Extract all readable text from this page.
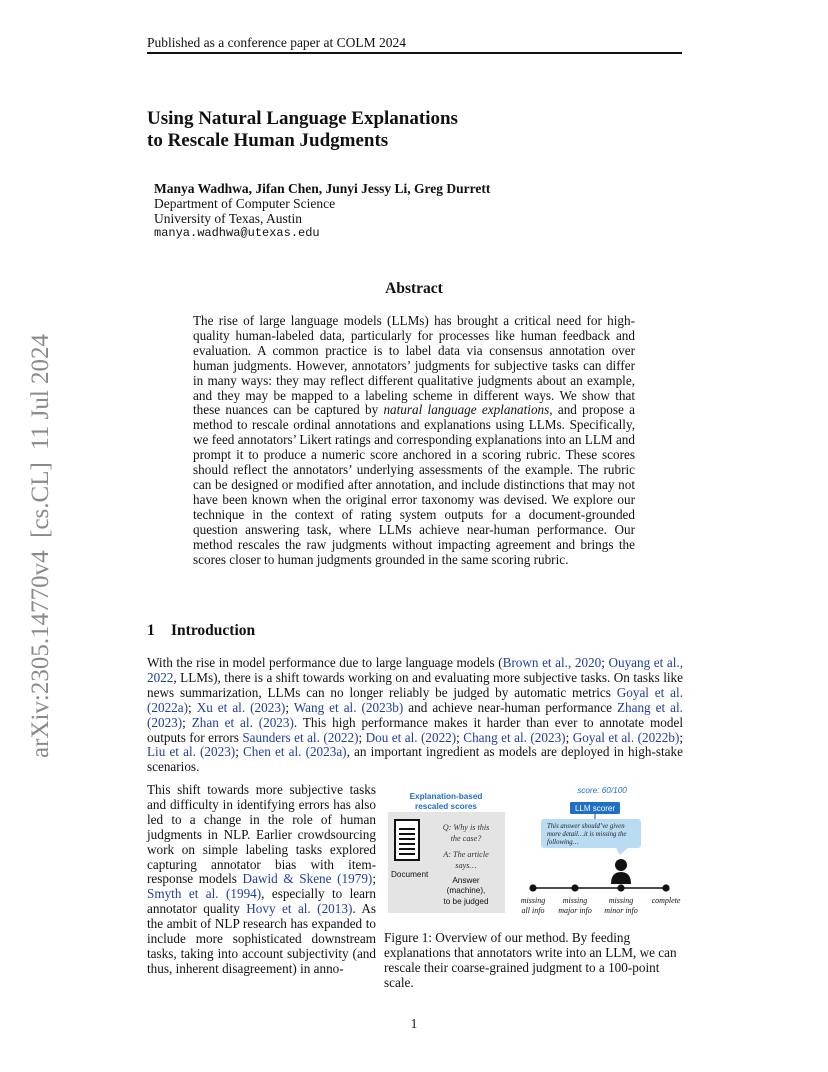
arXiv:2305.14770v4  [cs.CL]  11 Jul 2024
Published as a conference paper at COLM 2024
Using Natural Language Explanations
to Rescale Human Judgments
Manya Wadhwa, Jifan Chen, Junyi Jessy Li, Greg Durrett
Department of Computer Science
University of Texas, Austin
manya.wadhwa@utexas.edu
Abstract
The rise of large language models (LLMs) has brought a critical need for high-quality human-labeled data, particularly for processes like human feedback and evaluation. A common practice is to label data via consensus annotation over human judgments. However, annotators’ judgments for subjective tasks can differ in many ways: they may reflect different qualitative judgments about an example, and they may be mapped to a labeling scheme in different ways. We show that these nuances can be captured by natural language explanations, and propose a method to rescale ordinal annotations and explanations using LLMs. Specifically, we feed annotators’ Likert ratings and corresponding explanations into an LLM and prompt it to produce a numeric score anchored in a scoring rubric. These scores should reflect the annotators’ underlying assessments of the example. The rubric can be designed or modified after annotation, and include distinctions that may not have been known when the original error taxonomy was devised. We explore our technique in the context of rating system outputs for a document-grounded question answering task, where LLMs achieve near-human performance. Our method rescales the raw judgments without impacting agreement and brings the scores closer to human judgments grounded in the same scoring rubric.
1 Introduction
With the rise in model performance due to large language models (Brown et al., 2020; Ouyang et al., 2022, LLMs), there is a shift towards working on and evaluating more subjective tasks. On tasks like news summarization, LLMs can no longer reliably be judged by automatic metrics Goyal et al. (2022a); Xu et al. (2023); Wang et al. (2023b) and achieve near-human performance Zhang et al. (2023); Zhan et al. (2023). This high performance makes it harder than ever to annotate model outputs for errors Saunders et al. (2022); Dou et al. (2022); Chang et al. (2023); Goyal et al. (2022b); Liu et al. (2023); Chen et al. (2023a), an important ingredient as models are deployed in high-stake scenarios.
This shift towards more subjective tasks and difficulty in identifying errors has also led to a change in the role of human judgments in NLP. Earlier crowdsourcing work on simple labeling tasks explored capturing annotator bias with item-response models Dawid & Skene (1979); Smyth et al. (1994), especially to learn annotator quality Hovy et al. (2013). As the ambit of NLP research has expanded to include more sophisticated downstream tasks, taking into account subjectivity (and thus, inherent disagreement) in anno-
Explanation-based
rescaled scores
Document
Q: Why is this
the case?
A: The article
says…
Answer
(machine),
to be judged
score: 60/100
LLM scorer
This answer should’ve given
more detail…it is missing the
following…
missing
all info
missing
major info
missing
minor info
complete
Figure 1: Overview of our method. By feeding explanations that annotators write into an LLM, we can rescale their coarse-grained judgment to a 100-point scale.
1
